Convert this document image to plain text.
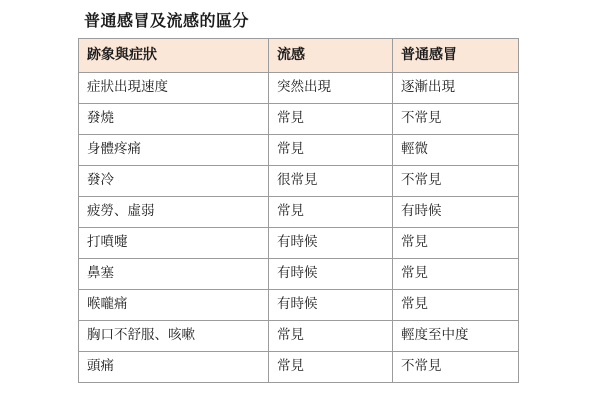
普通感冒及流感的區分
跡象與症狀	流感	普通感冒
症狀出現速度	突然出現	逐漸出現
發燒	常見	不常見
身體疼痛	常見	輕微
發冷	很常見	不常見
疲勞、虛弱	常見	有時候
打噴嚏	有時候	常見
鼻塞	有時候	常見
喉嚨痛	有時候	常見
胸口不舒服、咳嗽	常見	輕度至中度
頭痛	常見	不常見
